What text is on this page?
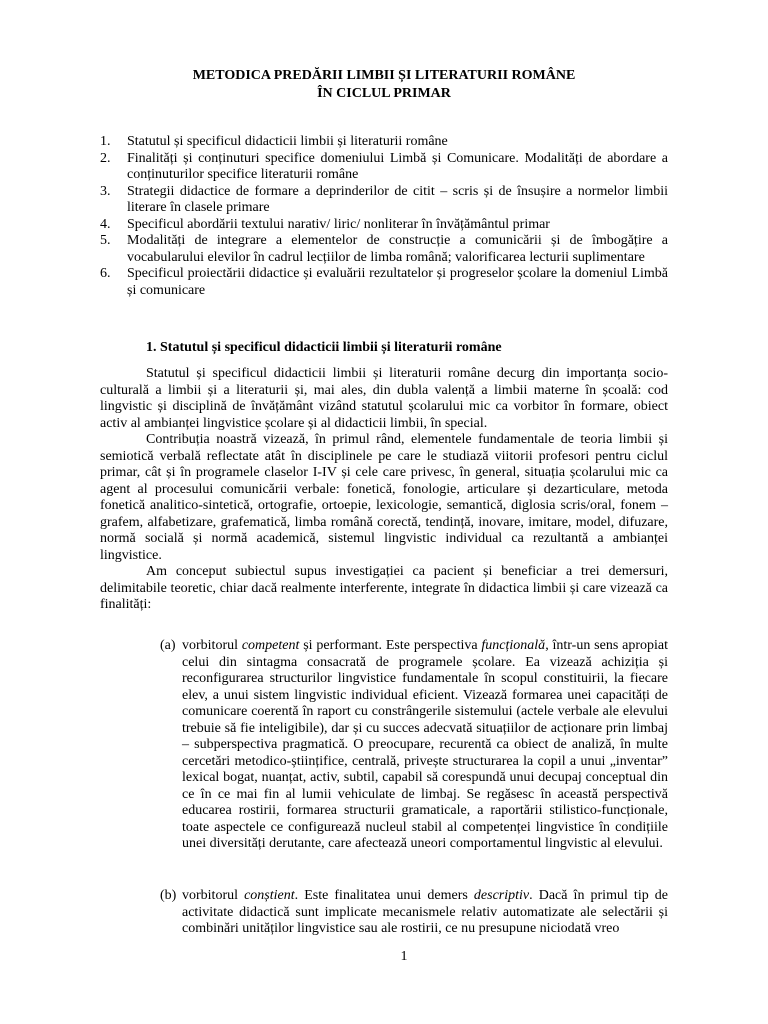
METODICA PREDĂRII LIMBII ȘI LITERATURII ROMÂNE
ÎN CICLUL PRIMAR
1. Statutul și specificul didacticii limbii și literaturii române
2. Finalități și conținuturi specifice domeniului Limbă și Comunicare. Modalități de abordare a conținuturilor specifice literaturii române
3. Strategii didactice de formare a deprinderilor de citit – scris și de însușire a normelor limbii literare în clasele primare
4. Specificul abordării textului narativ/ liric/ nonliterar în învățământul primar
5. Modalități de integrare a elementelor de construcție a comunicării și de îmbogățire a vocabularului elevilor în cadrul lecțiilor de limba română; valorificarea lecturii suplimentare
6. Specificul proiectării didactice și evaluării rezultatelor și progreselor școlare la domeniul Limbă și comunicare
1. Statutul și specificul didacticii limbii și literaturii române

Statutul și specificul didacticii limbii și literaturii române decurg din importanța socio-culturală a limbii și a literaturii și, mai ales, din dubla valență a limbii materne în școală: cod lingvistic și disciplină de învățământ vizând statutul școlarului mic ca vorbitor în formare, obiect activ al ambianței lingvistice școlare și al didacticii limbii, în special.

Contribuția noastră vizează, în primul rând, elementele fundamentale de teoria limbii și semiotică verbală reflectate atât în disciplinele pe care le studiază viitorii profesori pentru ciclul primar, cât și în programele claselor I-IV și cele care privesc, în general, situația școlarului mic ca agent al procesului comunicării verbale: fonetică, fonologie, articulare și dezarticulare, metoda fonetică analitico-sintetică, ortografie, ortoepie, lexicologie, semantică, diglosia scris/oral, fonem – grafem, alfabetizare, grafematică, limba română corectă, tendință, inovare, imitare, model, difuzare, normă socială și normă academică, sistemul lingvistic individual ca rezultantă a ambianței lingvistice.

Am conceput subiectul supus investigației ca pacient și beneficiar a trei demersuri, delimitabile teoretic, chiar dacă realmente interferente, integrate în didactica limbii și care vizează ca finalități:

(a) vorbitorul competent și performant. Este perspectiva funcțională, într-un sens apropiat celui din sintagma consacrată de programele școlare. Ea vizează achiziția și reconfigurarea structurilor lingvistice fundamentale în scopul constituirii, la fiecare elev, a unui sistem lingvistic individual eficient. Vizează formarea unei capacități de comunicare coerentă în raport cu constrângerile sistemului (actele verbale ale elevului trebuie să fie inteligibile), dar și cu succes adecvată situațiilor de acționare prin limbaj – subperspectiva pragmatică. O preocupare, recurentă ca obiect de analiză, în multe cercetări metodico-științifice, centrală, privește structurarea la copil a unui „inventar” lexical bogat, nuanțat, activ, subtil, capabil să corespundă unui decupaj conceptual din ce în ce mai fin al lumii vehiculate de limbaj. Se regăsesc în această perspectivă educarea rostirii, formarea structurii gramaticale, a raportării stilistico-funcționale, toate aspectele ce configurează nucleul stabil al competenței lingvistice în condițiile unei diversități derutante, care afectează uneori comportamentul lingvistic al elevului.
(b) vorbitorul conștient. Este finalitatea unui demers descriptiv. Dacă în primul tip de activitate didactică sunt implicate mecanismele relativ automatizate ale selectării și combinări unităților lingvistice sau ale rostirii, ce nu presupune niciodată vreo
1
